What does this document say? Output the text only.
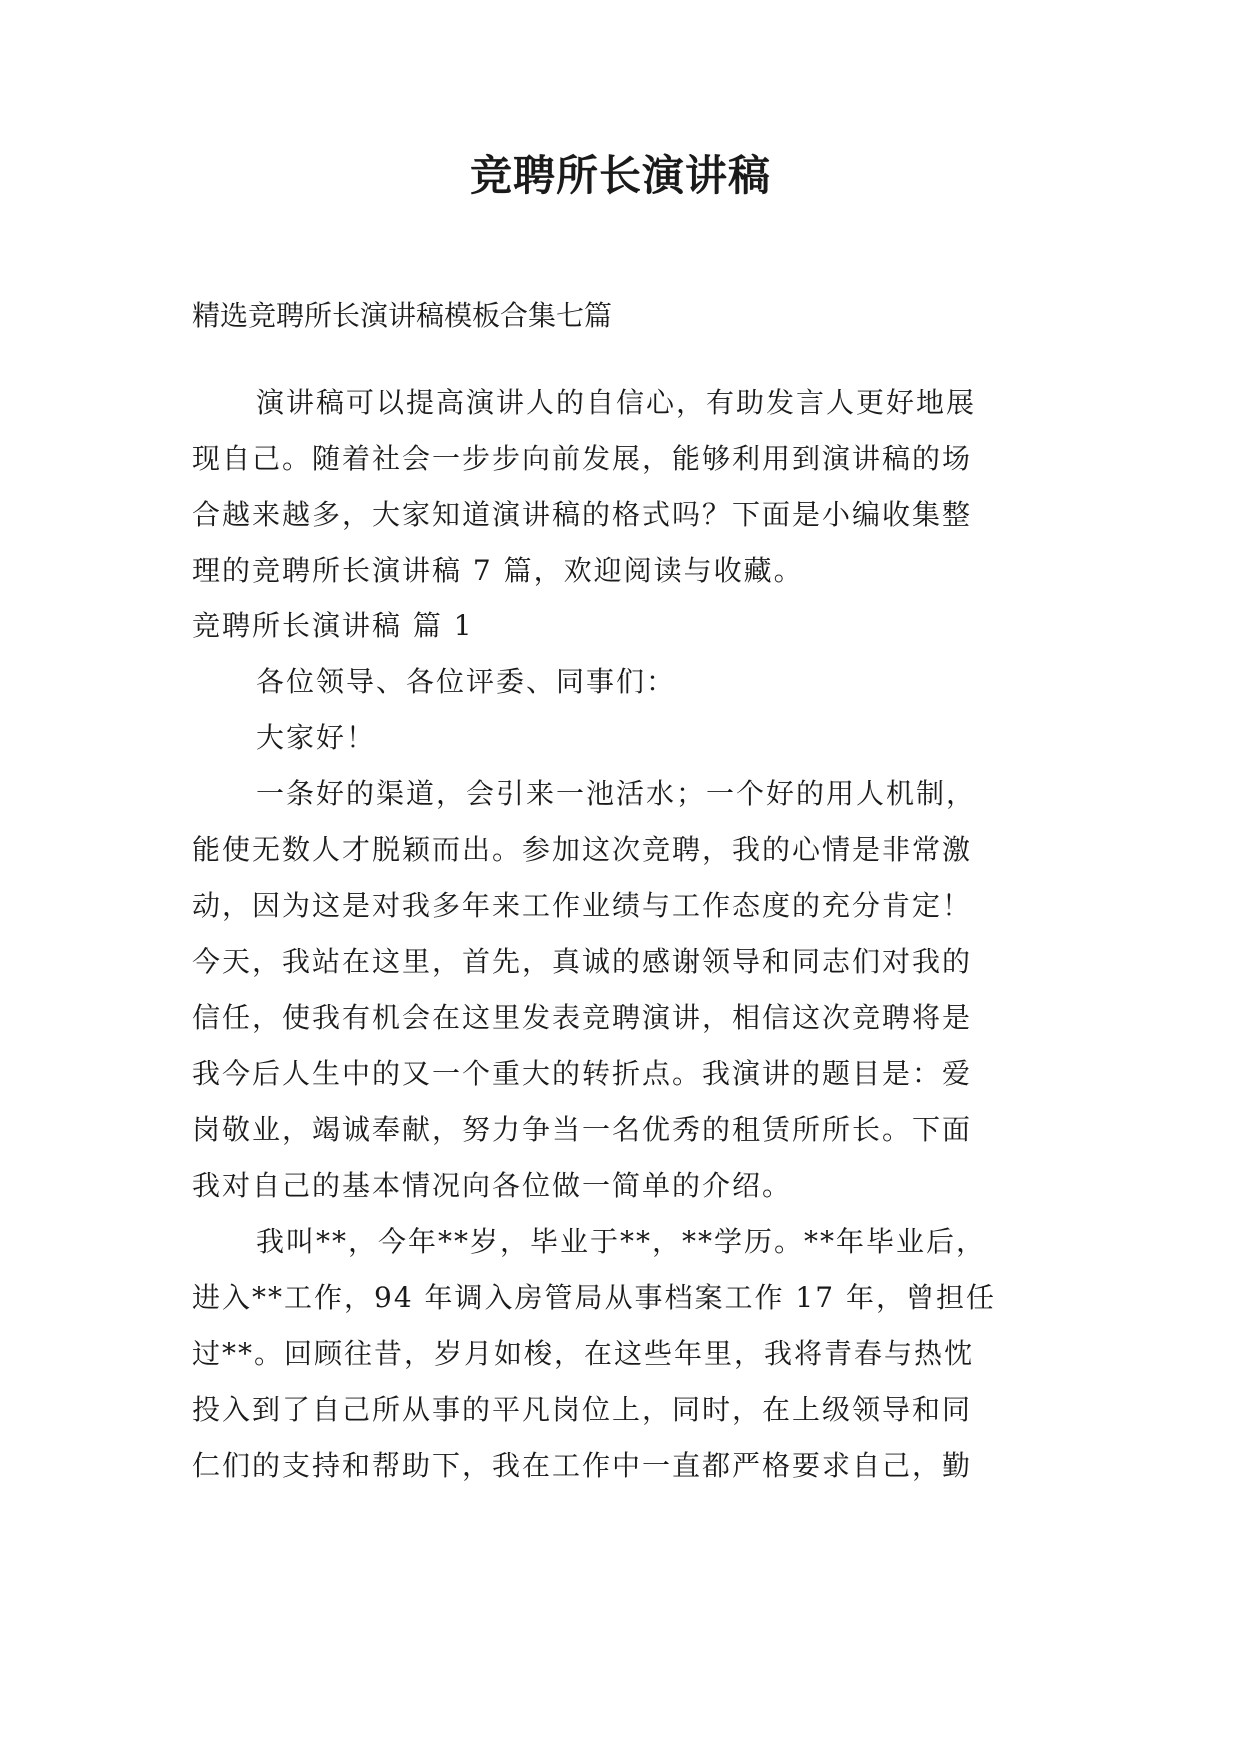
竞聘所长演讲稿

精选竞聘所长演讲稿模板合集七篇

演讲稿可以提高演讲人的自信心，有助发言人更好地展

现自己。随着社会一步步向前发展，能够利用到演讲稿的场

合越来越多，大家知道演讲稿的格式吗？下面是小编收集整

理的竞聘所长演讲稿 7 篇，欢迎阅读与收藏。

竞聘所长演讲稿 篇 1

各位领导、各位评委、同事们：

大家好！

一条好的渠道，会引来一池活水；一个好的用人机制，

能使无数人才脱颖而出。参加这次竞聘，我的心情是非常激

动，因为这是对我多年来工作业绩与工作态度的充分肯定！

今天，我站在这里，首先，真诚的感谢领导和同志们对我的

信任，使我有机会在这里发表竞聘演讲，相信这次竞聘将是

我今后人生中的又一个重大的转折点。我演讲的题目是：爱

岗敬业，竭诚奉献，努力争当一名优秀的租赁所所长。下面

我对自己的基本情况向各位做一简单的介绍。

我叫**，今年**岁，毕业于**，**学历。**年毕业后，

进入**工作，94 年调入房管局从事档案工作 17 年，曾担任

过**。回顾往昔，岁月如梭，在这些年里，我将青春与热忱

投入到了自己所从事的平凡岗位上，同时，在上级领导和同

仁们的支持和帮助下，我在工作中一直都严格要求自己，勤
